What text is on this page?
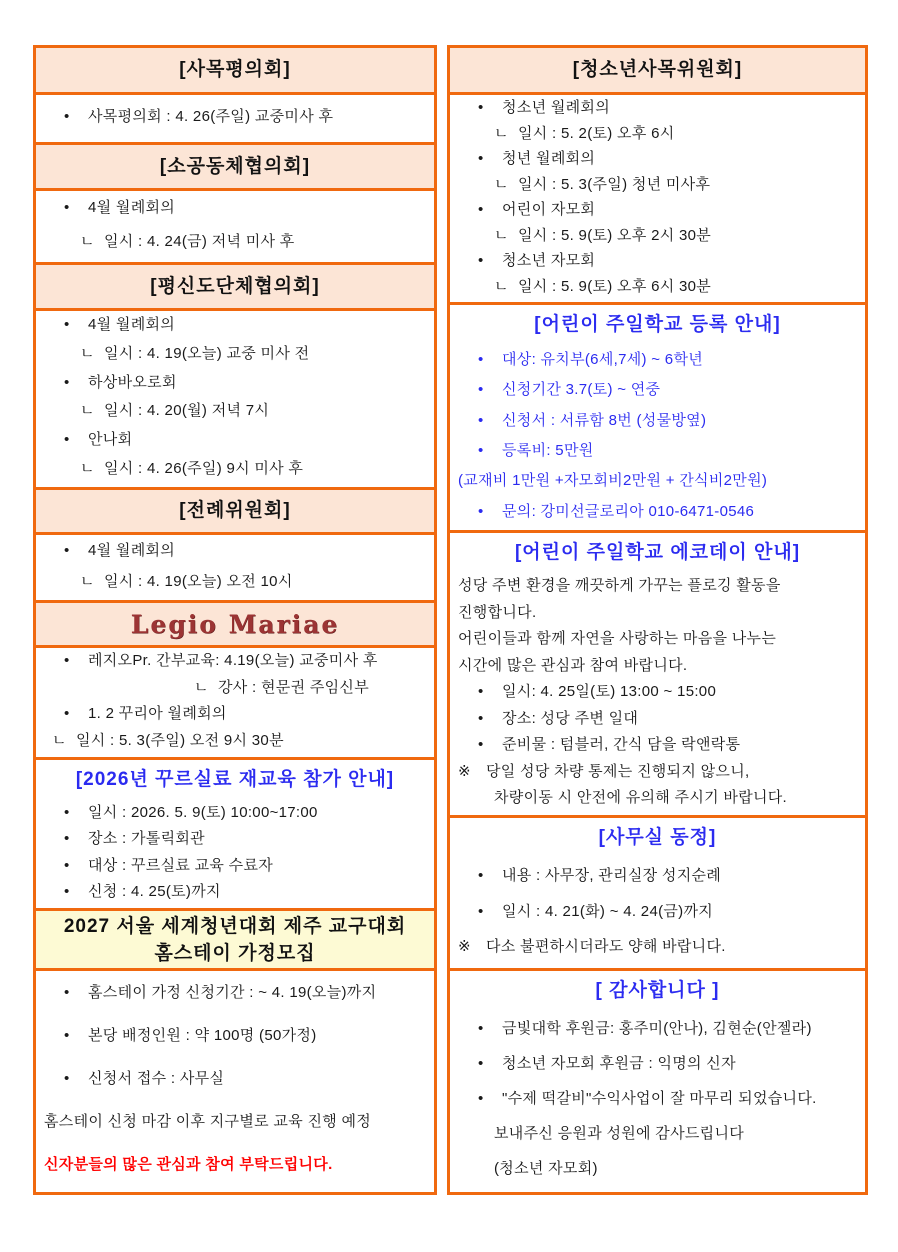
[사목평의회]
• 사목평의회 : 4. 26(주일) 교중미사 후
[소공동체협의회]
• 4월 월례회의
ㄴ 일시 : 4. 24(금) 저녁 미사 후
[평신도단체협의회]
• 4월 월례회의
ㄴ 일시 : 4. 19(오늘) 교중 미사 전
• 하상바오로회
ㄴ 일시 : 4. 20(월) 저녁 7시
• 안나회
ㄴ 일시 : 4. 26(주일) 9시 미사 후
[전례위원회]
• 4월 월례회의
ㄴ 일시 : 4. 19(오늘) 오전 10시
Legio Mariae
• 레지오Pr. 간부교육: 4.19(오늘) 교중미사 후
ㄴ 강사 : 현문권 주임신부
• 1. 2 꾸리아 월례회의
ㄴ 일시 : 5. 3(주일) 오전 9시 30분
[2026년 꾸르실료 재교육 참가 안내]
• 일시 : 2026. 5. 9(토) 10:00~17:00
• 장소 : 가톨릭회관
• 대상 : 꾸르실료 교육 수료자
• 신청 : 4. 25(토)까지
2027 서울 세계청년대회 제주 교구대회
홈스테이 가정모집
• 홈스테이 가정 신청기간 : ~ 4. 19(오늘)까지
• 본당 배정인원 : 약 100명 (50가정)
• 신청서 접수 : 사무실
홈스테이 신청 마감 이후 지구별로 교육 진행 예정
신자분들의 많은 관심과 참여 부탁드립니다.
[청소년사목위원회]
• 청소년 월례회의
ㄴ 일시 : 5. 2(토) 오후 6시
• 청년 월례회의
ㄴ 일시 : 5. 3(주일) 청년 미사후
• 어린이 자모회
ㄴ 일시 : 5. 9(토) 오후 2시 30분
• 청소년 자모회
ㄴ 일시 : 5. 9(토) 오후 6시 30분
[어린이 주일학교 등록 안내]
• 대상: 유치부(6세,7세) ~ 6학년
• 신청기간 3.7(토) ~ 연중
• 신청서 : 서류함 8번 (성물방옆)
• 등록비: 5만원
(교재비 1만원 +자모회비2만원 + 간식비2만원)
• 문의: 강미선글로리아 010-6471-0546
[어린이 주일학교 에코데이 안내]
성당 주변 환경을 깨끗하게 가꾸는 플로깅 활동을
진행합니다.
어린이들과 함께 자연을 사랑하는 마음을 나누는
시간에 많은 관심과 참여 바랍니다.
• 일시: 4. 25일(토) 13:00 ~ 15:00
• 장소: 성당 주변 일대
• 준비물 : 텀블러, 간식 담을 락앤락통
※ 당일 성당 차량 통제는 진행되지 않으니,
차량이동 시 안전에 유의해 주시기 바랍니다.
[사무실 동정]
• 내용 : 사무장, 관리실장 성지순례
• 일시 : 4. 21(화) ~ 4. 24(금)까지
※ 다소 불편하시더라도 양해 바랍니다.
[ 감사합니다 ]
• 금빛대학 후원금: 홍주미(안나), 김현순(안젤라)
• 청소년 자모회 후원금 : 익명의 신자
• "수제 떡갈비"수익사업이 잘 마무리 되었습니다.
보내주신 응원과 성원에 감사드립니다
(청소년 자모회)
